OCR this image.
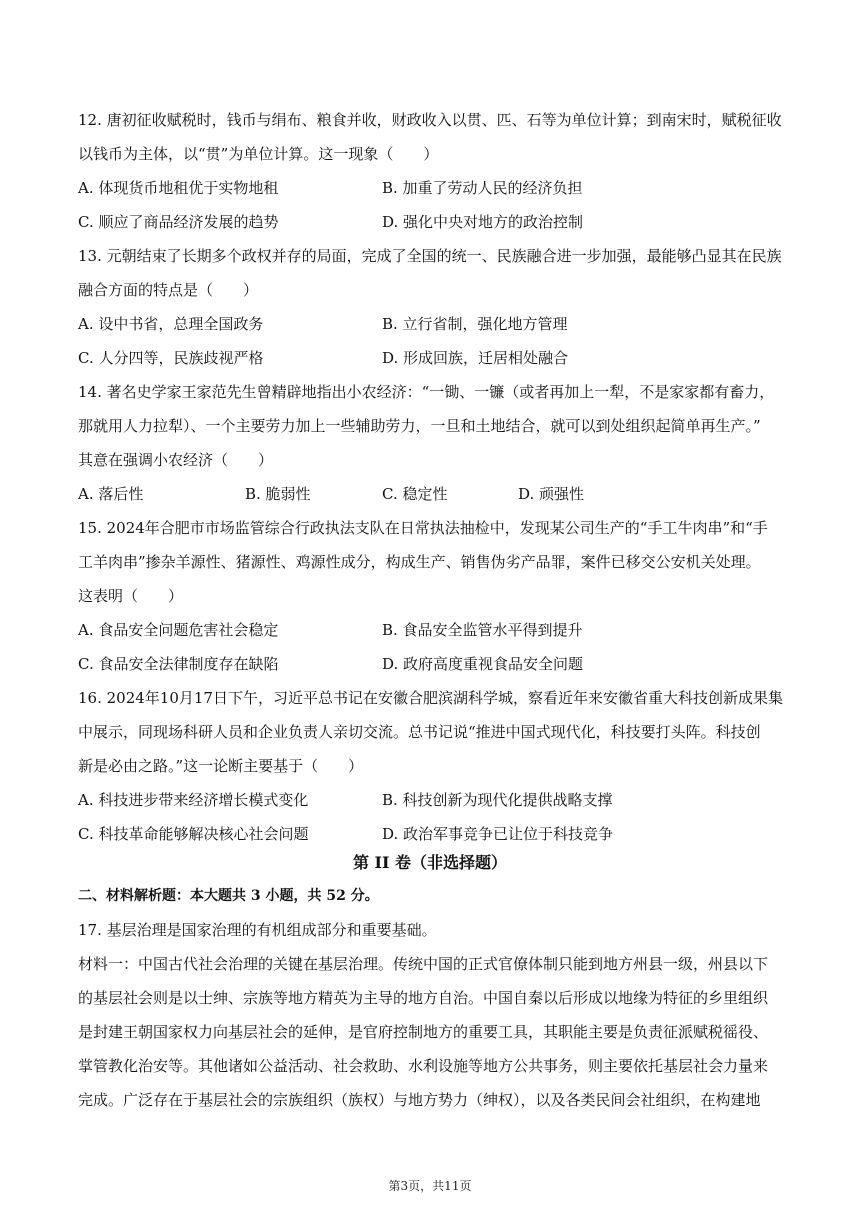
12. 唐初征收赋税时，钱币与绢布、粮食并收，财政收入以贯、匹、石等为单位计算；到南宋时，赋税征收
以钱币为主体，以“贯”为单位计算。这一现象（　　）
A. 体现货币地租优于实物地租	B. 加重了劳动人民的经济负担
C. 顺应了商品经济发展的趋势	D. 强化中央对地方的政治控制
13. 元朝结束了长期多个政权并存的局面，完成了全国的统一、民族融合进一步加强，最能够凸显其在民族
融合方面的特点是（　　）
A. 设中书省，总理全国政务	B. 立行省制，强化地方管理
C. 人分四等，民族歧视严格	D. 形成回族，迁居相处融合
14. 著名史学家王家范先生曾精辟地指出小农经济：“一锄、一镰（或者再加上一犁，不是家家都有畜力，
那就用人力拉犁）、一个主要劳力加上一些辅助劳力，一旦和土地结合，就可以到处组织起简单再生产。”
其意在强调小农经济（　　）
A. 落后性	B. 脆弱性	C. 稳定性	D. 顽强性
15. 2024年合肥市市场监管综合行政执法支队在日常执法抽检中，发现某公司生产的“手工牛肉串”和“手
工羊肉串”掺杂羊源性、猪源性、鸡源性成分，构成生产、销售伪劣产品罪，案件已移交公安机关处理。
这表明（　　）
A. 食品安全问题危害社会稳定	B. 食品安全监管水平得到提升
C. 食品安全法律制度存在缺陷	D. 政府高度重视食品安全问题
16. 2024年10月17日下午，习近平总书记在安徽合肥滨湖科学城，察看近年来安徽省重大科技创新成果集
中展示，同现场科研人员和企业负责人亲切交流。总书记说“推进中国式现代化，科技要打头阵。科技创
新是必由之路。”这一论断主要基于（　　）
A. 科技进步带来经济增长模式变化	B. 科技创新为现代化提供战略支撑
C. 科技革命能够解决核心社会问题	D. 政治军事竞争已让位于科技竞争
第 II 卷（非选择题）
二、材料解析题：本大题共 3 小题，共 52 分。
17. 基层治理是国家治理的有机组成部分和重要基础。
材料一：中国古代社会治理的关键在基层治理。传统中国的正式官僚体制只能到地方州县一级，州县以下
的基层社会则是以士绅、宗族等地方精英为主导的地方自治。中国自秦以后形成以地缘为特征的乡里组织
是封建王朝国家权力向基层社会的延伸，是官府控制地方的重要工具，其职能主要是负责征派赋税徭役、
掌管教化治安等。其他诸如公益活动、社会救助、水利设施等地方公共事务，则主要依托基层社会力量来
完成。广泛存在于基层社会的宗族组织（族权）与地方势力（绅权），以及各类民间会社组织，在构建地
第3页，共11页
